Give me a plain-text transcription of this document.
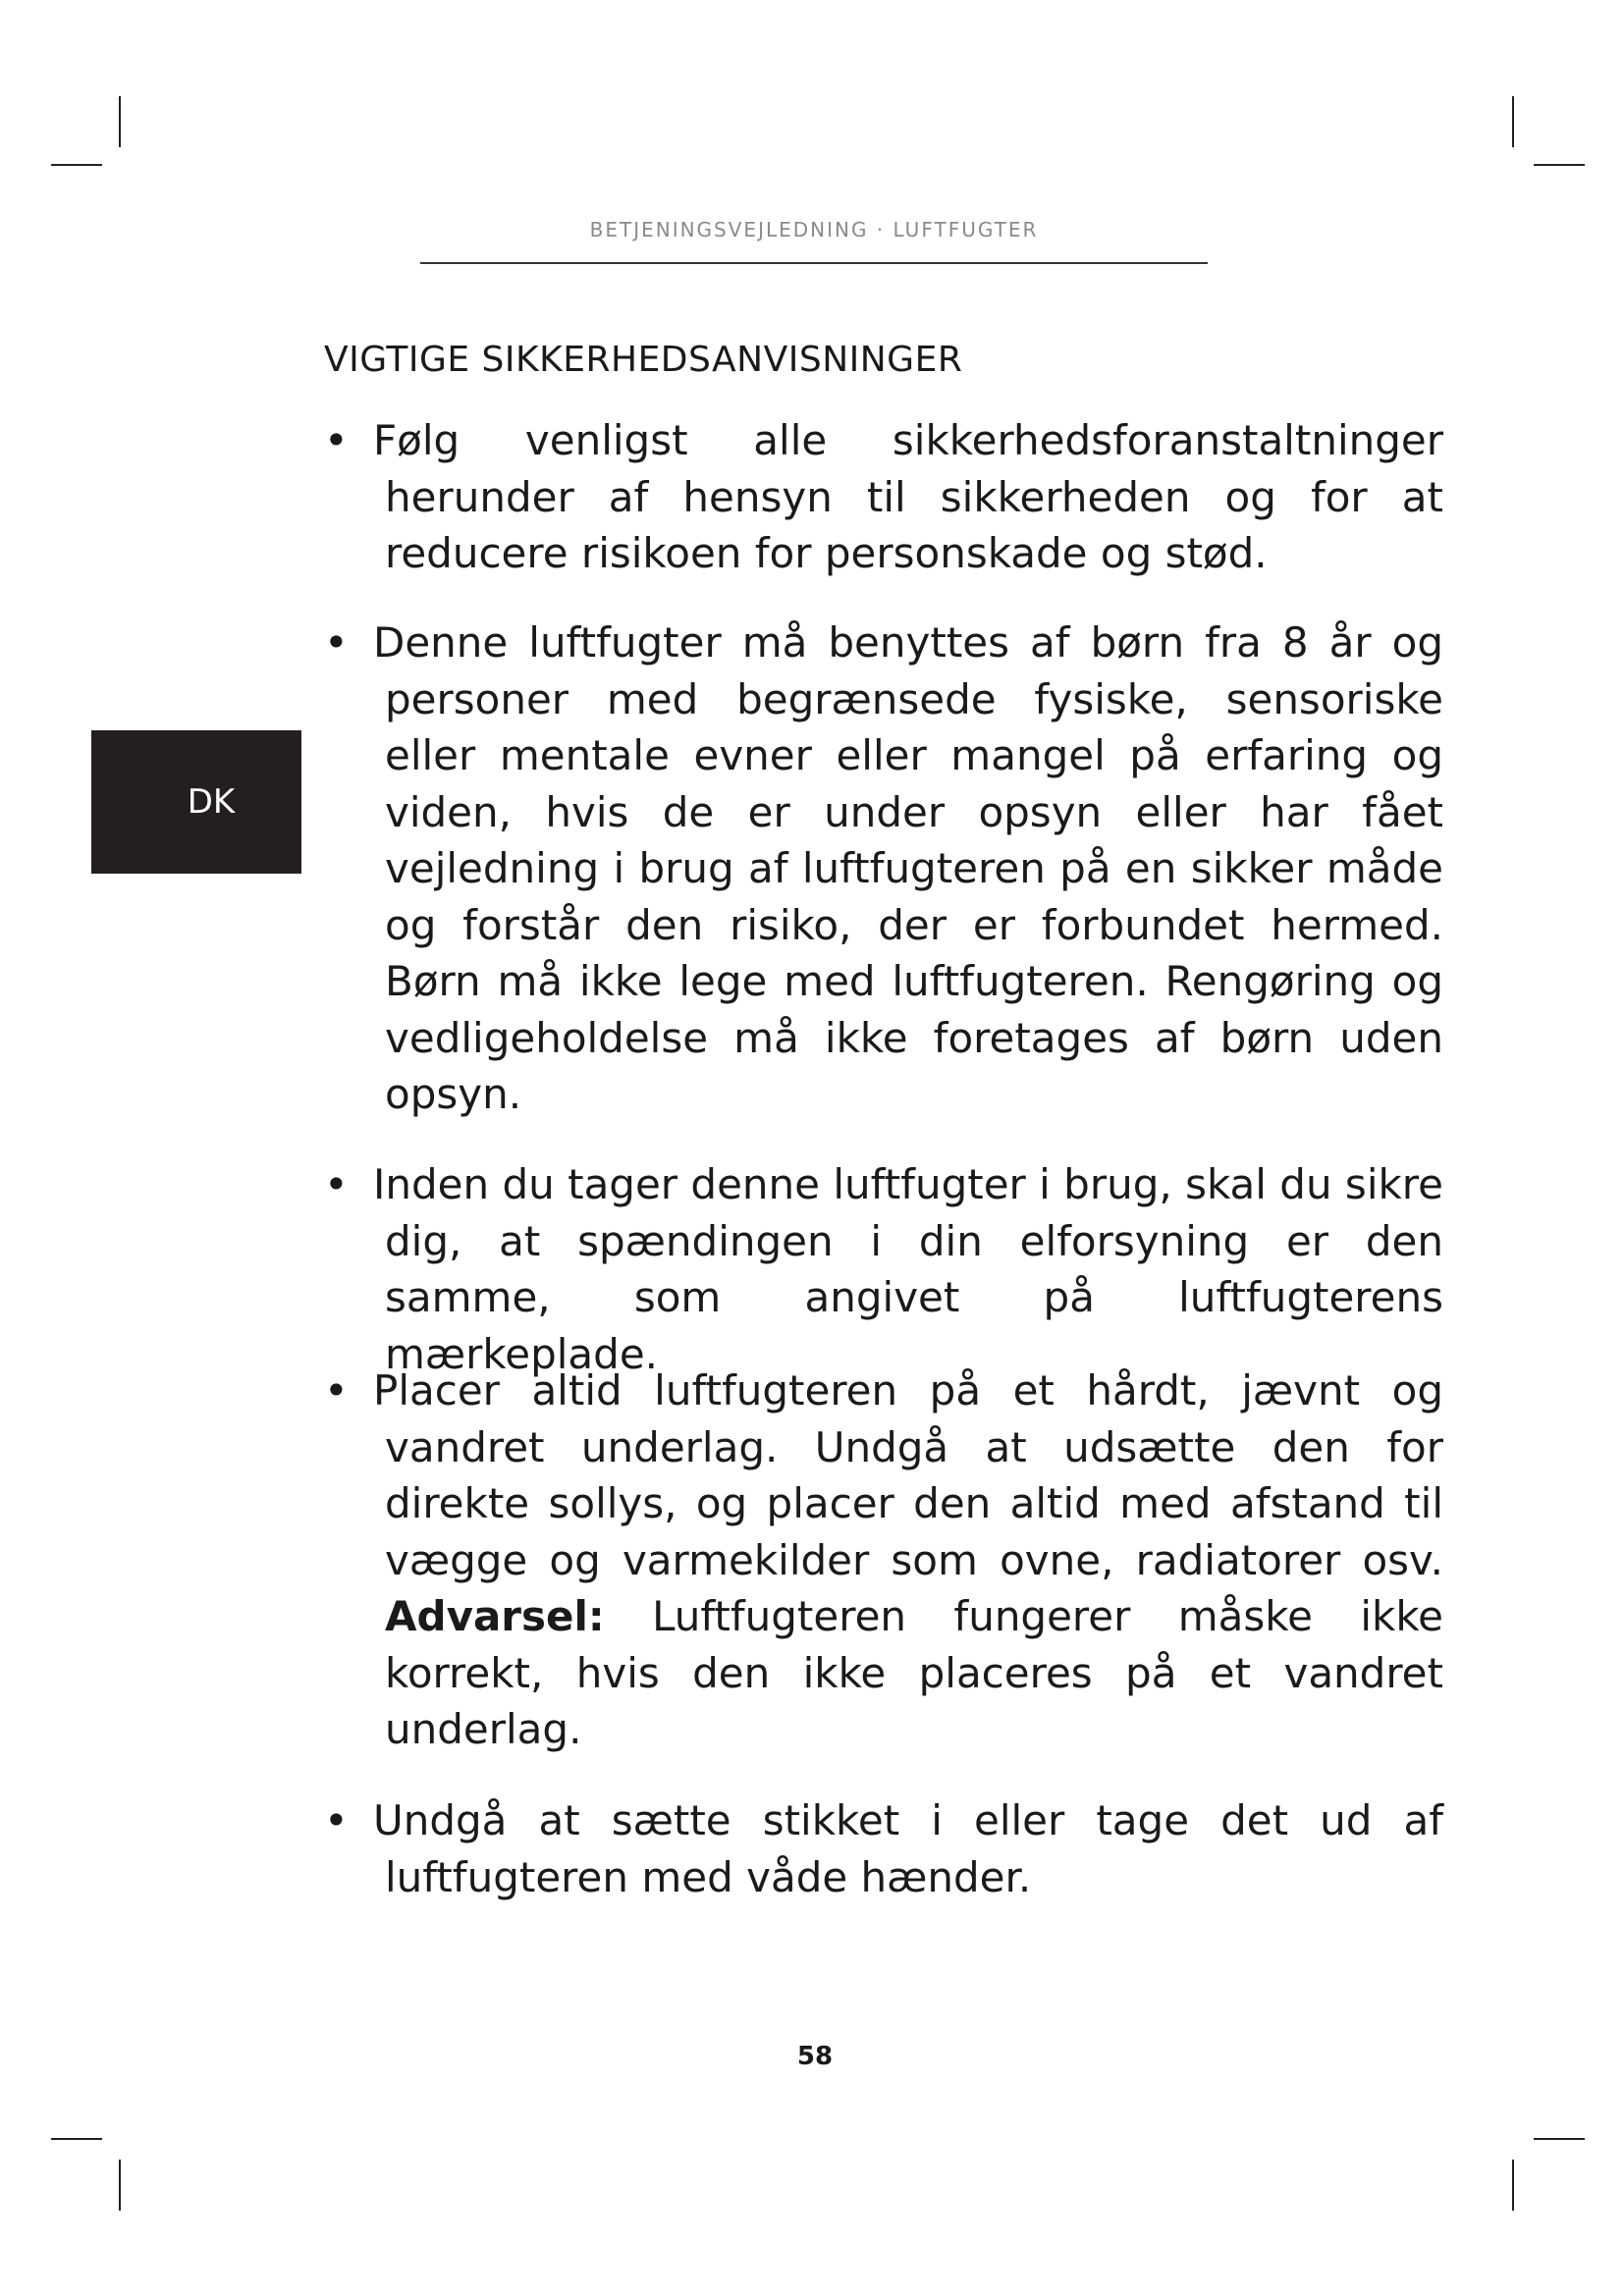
BETJENINGSVEJLEDNING · LUFTFUGTER
DK
VIGTIGE SIKKERHEDSANVISNINGER
• Følg venligst alle sikkerhedsforanstaltninger herunder af hensyn til sikkerheden og for at reducere risikoen for personskade og stød.
• Denne luftfugter må benyttes af børn fra 8 år og personer med begrænsede fysiske, sensoriske eller mentale evner eller mangel på erfaring og viden, hvis de er under opsyn eller har fået vejledning i brug af luftfugteren på en sikker måde og forstår den risiko, der er forbundet hermed. Børn må ikke lege med luftfugteren. Rengøring og vedligeholdelse må ikke foretages af børn uden opsyn.
• Inden du tager denne luftfugter i brug, skal du sikre dig, at spændingen i din elforsyning er den samme, som angivet på luftfugterens mærkeplade.
• Placer altid luftfugteren på et hårdt, jævnt og vandret underlag. Undgå at udsætte den for direkte sollys, og placer den altid med afstand til vægge og varmekilder som ovne, radiatorer osv. Advarsel: Luftfugteren fungerer måske ikke korrekt, hvis den ikke placeres på et vandret underlag.
• Undgå at sætte stikket i eller tage det ud af luftfugteren med våde hænder.
58
